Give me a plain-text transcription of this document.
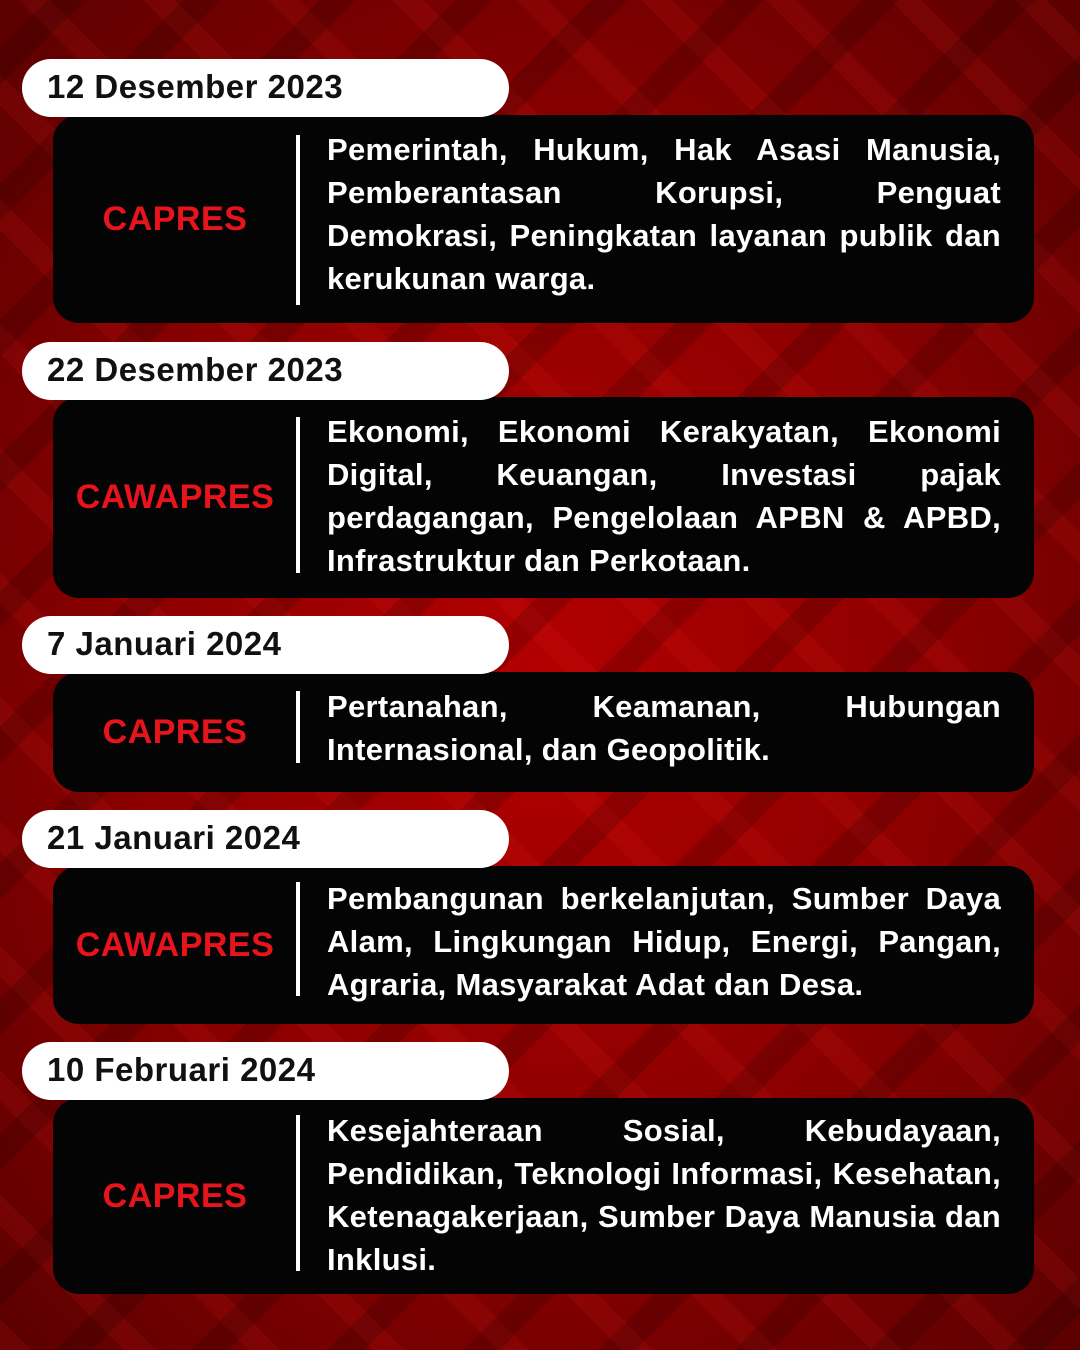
CAPRES
Pemerintah, Hukum, Hak Asasi Manusia, Pemberantasan Korupsi, Penguat Demokrasi, Peningkatan layanan publik dan kerukunan warga.
12 Desember 2023
CAWAPRES
Ekonomi, Ekonomi Kerakyatan, Ekonomi Digital, Keuangan, Investasi pajak perdagangan, Pengelolaan APBN & APBD, Infrastruktur dan Perkotaan.
22 Desember 2023
CAPRES
Pertanahan, Keamanan, Hubungan Internasional, dan Geopolitik.
7 Januari 2024
CAWAPRES
Pembangunan berkelanjutan, Sumber Daya Alam, Lingkungan Hidup, Energi, Pangan, Agraria, Masyarakat Adat dan Desa.
21 Januari 2024
CAPRES
Kesejahteraan Sosial, Kebudayaan, Pendidikan, Teknologi Informasi, Kesehatan, Ketenagakerjaan, Sumber Daya Manusia dan Inklusi.
10 Februari 2024
